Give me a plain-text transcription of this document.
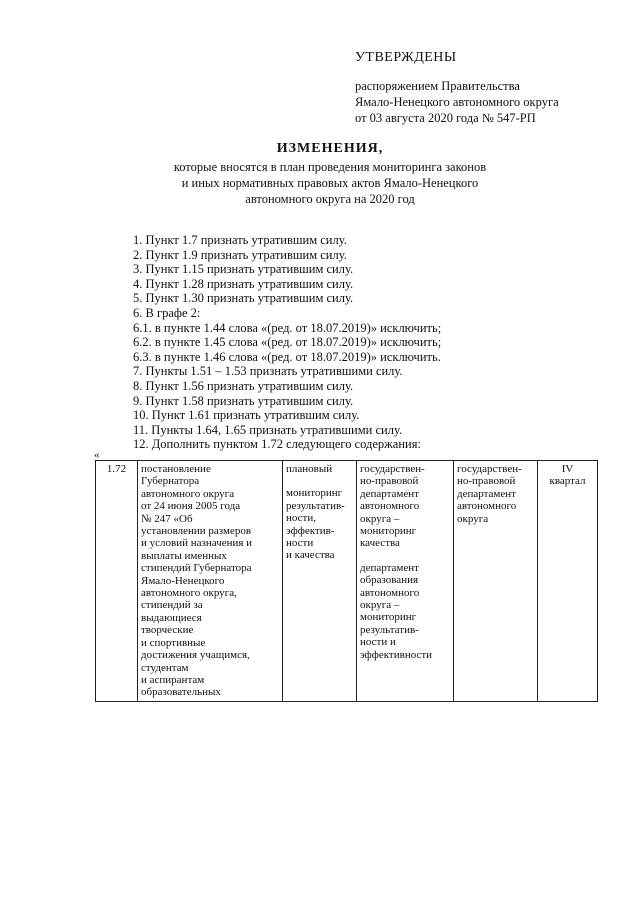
УТВЕРЖДЕНЫ
распоряжением Правительства
Ямало-Ненецкого автономного округа
от 03 августа 2020 года № 547-РП
ИЗМЕНЕНИЯ,
которые вносятся в план проведения мониторинга законов
и иных нормативных правовых актов Ямало-Ненецкого
автономного округа на 2020 год
1. Пункт 1.7 признать утратившим силу.
2. Пункт 1.9 признать утратившим силу.
3. Пункт 1.15 признать утратившим силу.
4. Пункт 1.28 признать утратившим силу.
5. Пункт 1.30 признать утратившим силу.
6. В графе 2:
6.1. в пункте 1.44 слова «(ред. от 18.07.2019)» исключить;
6.2. в пункте 1.45 слова «(ред. от 18.07.2019)» исключить;
6.3. в пункте 1.46 слова «(ред. от 18.07.2019)» исключить.
7. Пункты 1.51 – 1.53 признать утратившими силу.
8. Пункт 1.56 признать утратившим силу.
9. Пункт 1.58 признать утратившим силу.
10. Пункт 1.61 признать утратившим силу.
11. Пункты 1.64, 1.65 признать утратившими силу.
12. Дополнить пунктом 1.72 следующего содержания:
«
1.72	постановление
Губернатора
автономного округа
от 24 июня 2005 года
№ 247 «Об
установлении размеров
и условий назначения и
выплаты именных
стипендий Губернатора
Ямало-Ненецкого
автономного округа,
стипендий за
выдающиеся
творческие
и спортивные
достижения учащимся,
студентам
и аспирантам
образовательных

плановый
мониторинг
результатив-
ности,
эффектив-
ности
и качества

государствен-
но-правовой
департамент
автономного
округа –
мониторинг
качества
департамент
образования
автономного
округа –
мониторинг
результатив-
ности и
эффективности

государствен-
но-правовой
департамент
автономного
округа

IV
квартал
